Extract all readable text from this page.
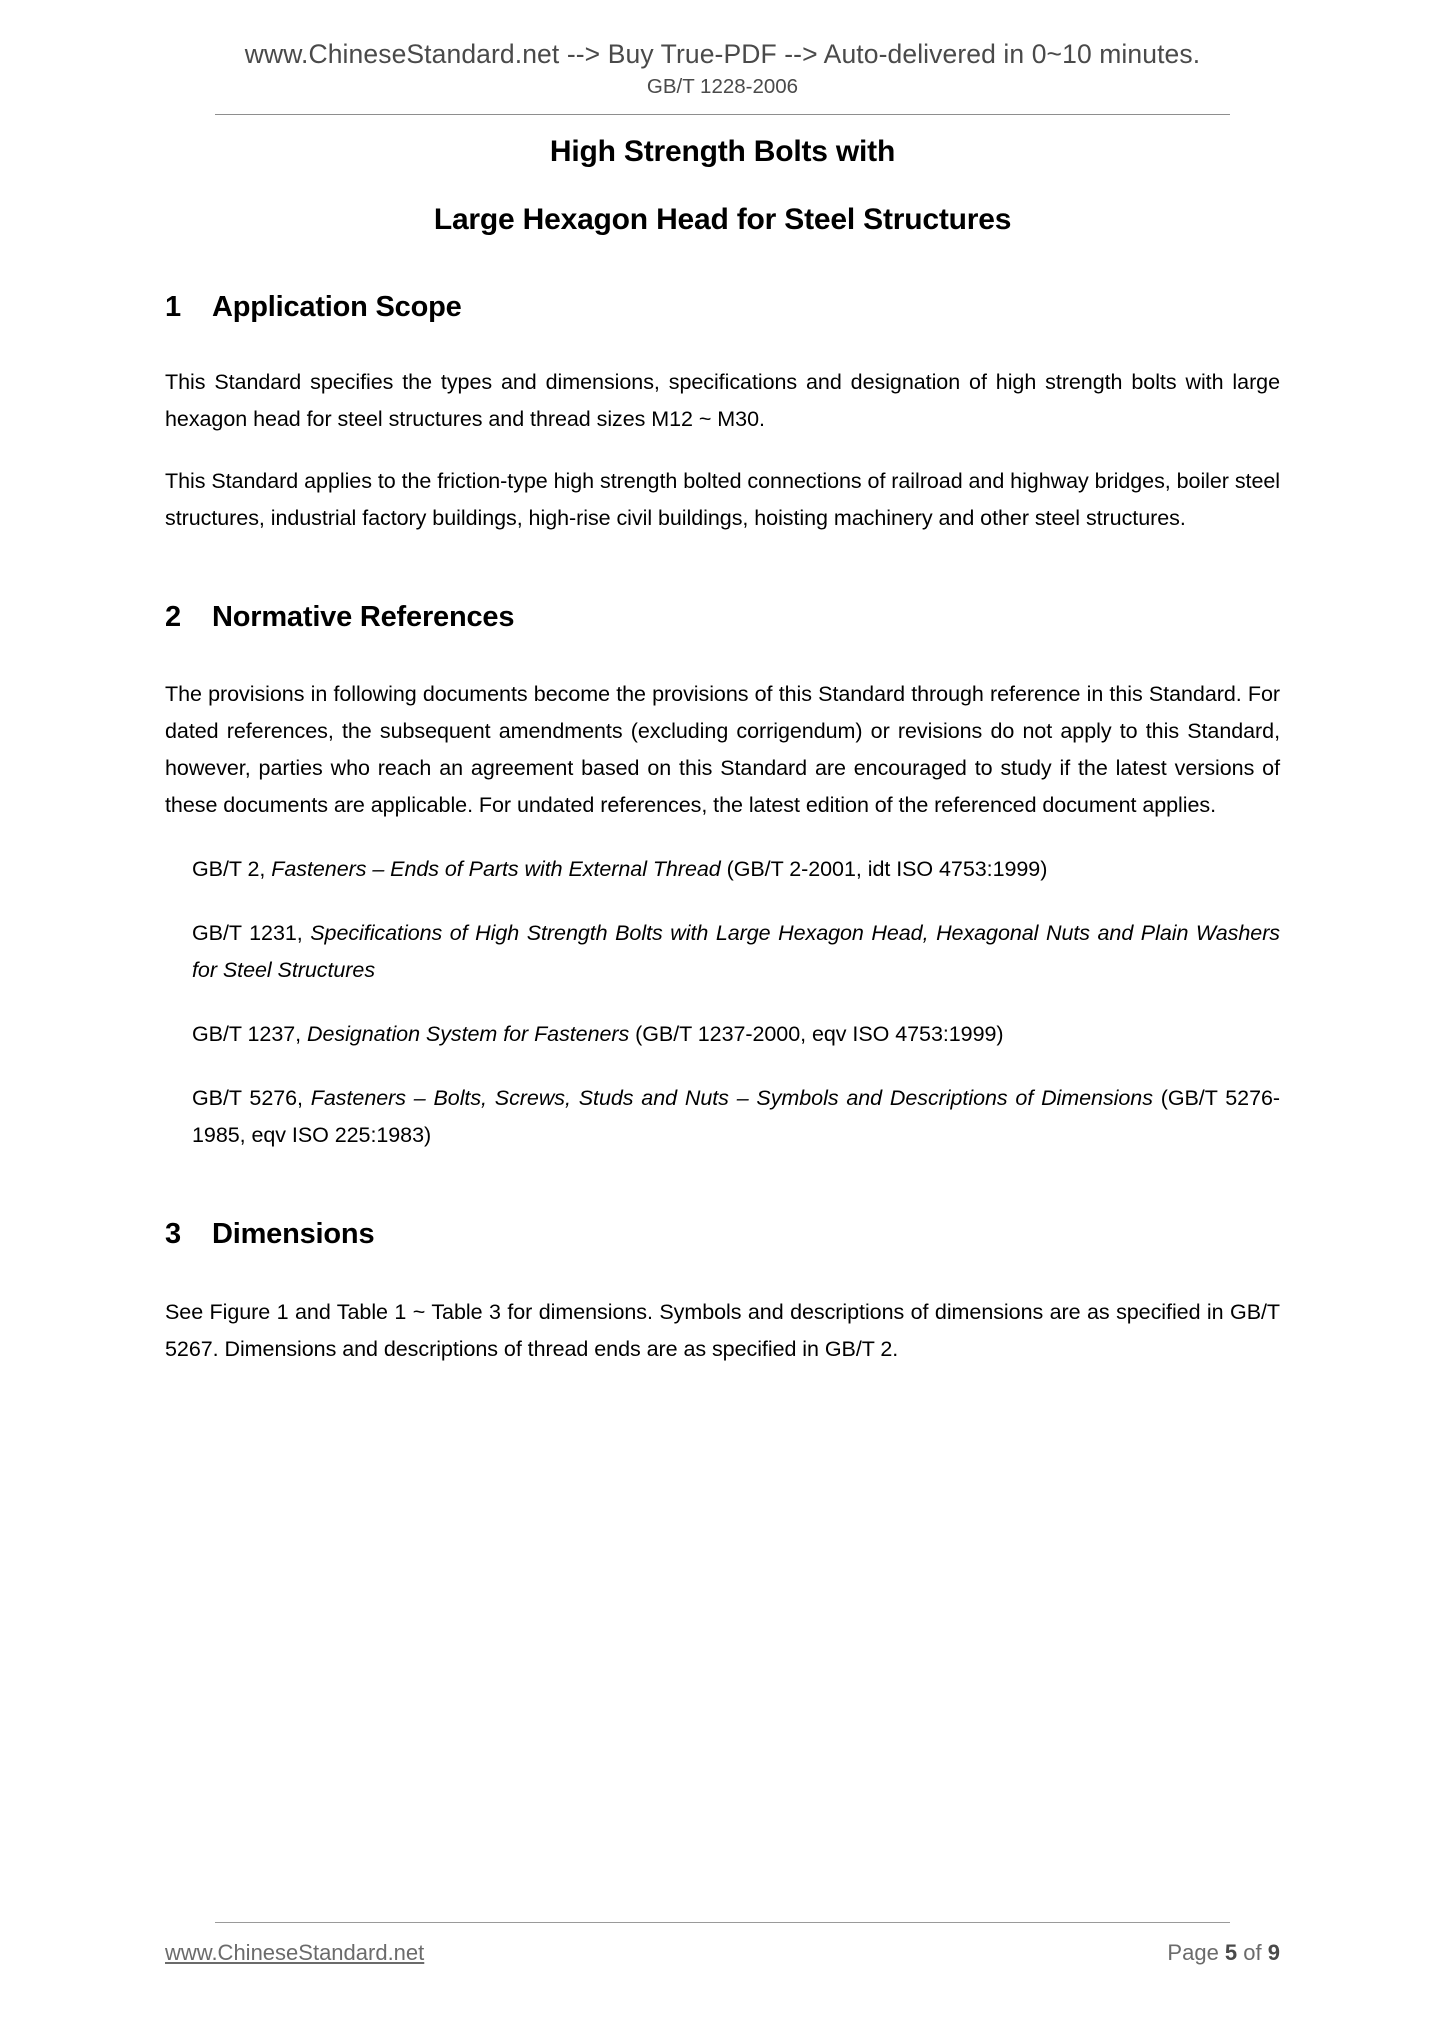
www.ChineseStandard.net --> Buy True-PDF --> Auto-delivered in 0~10 minutes.
GB/T 1228-2006
High Strength Bolts with
Large Hexagon Head for Steel Structures
1 Application Scope

This Standard specifies the types and dimensions, specifications and designation of high strength bolts with large hexagon head for steel structures and thread sizes M12 ~ M30.

This Standard applies to the friction-type high strength bolted connections of railroad and highway bridges, boiler steel structures, industrial factory buildings, high-rise civil buildings, hoisting machinery and other steel structures.

2 Normative References

The provisions in following documents become the provisions of this Standard through reference in this Standard. For dated references, the subsequent amendments (excluding corrigendum) or revisions do not apply to this Standard, however, parties who reach an agreement based on this Standard are encouraged to study if the latest versions of these documents are applicable. For undated references, the latest edition of the referenced document applies.

GB/T 2, Fasteners – Ends of Parts with External Thread (GB/T 2-2001, idt ISO 4753:1999)

GB/T 1231, Specifications of High Strength Bolts with Large Hexagon Head, Hexagonal Nuts and Plain Washers for Steel Structures

GB/T 1237, Designation System for Fasteners (GB/T 1237-2000, eqv ISO 4753:1999)

GB/T 5276, Fasteners – Bolts, Screws, Studs and Nuts – Symbols and Descriptions of Dimensions (GB/T 5276-1985, eqv ISO 225:1983)

3 Dimensions

See Figure 1 and Table 1 ~ Table 3 for dimensions. Symbols and descriptions of dimensions are as specified in GB/T 5267. Dimensions and descriptions of thread ends are as specified in GB/T 2.

www.ChineseStandard.net	Page 5 of 9
